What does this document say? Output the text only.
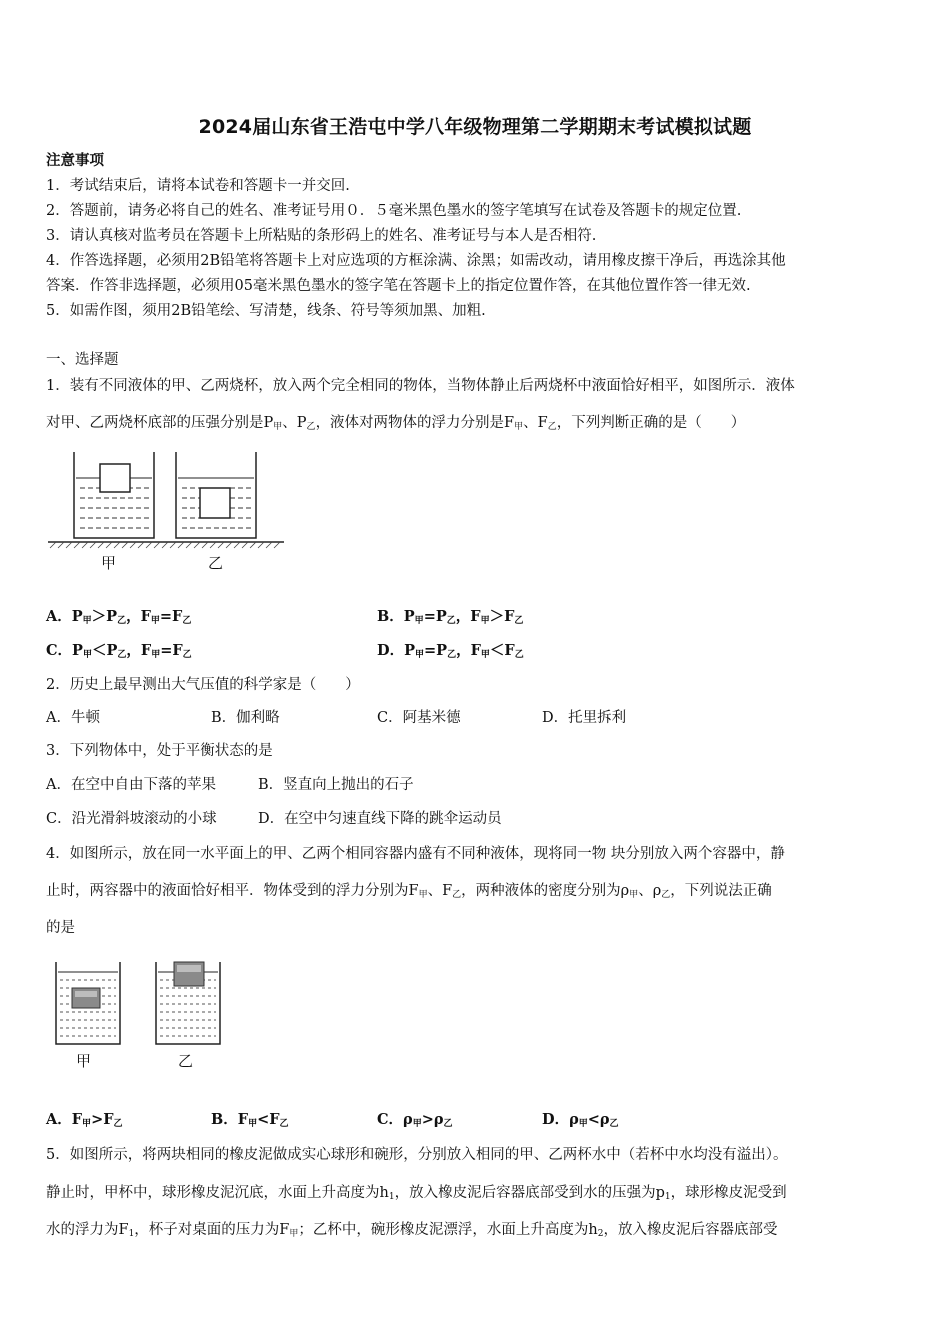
2024届山东省王浩屯中学八年级物理第二学期期末考试模拟试题
注意事项
1．考试结束后，请将本试卷和答题卡一并交回.
2．答题前，请务必将自己的姓名、准考证号用０．５毫米黑色墨水的签字笔填写在试卷及答题卡的规定位置.
3．请认真核对监考员在答题卡上所粘贴的条形码上的姓名、准考证号与本人是否相符.
4．作答选择题，必须用2B铅笔将答题卡上对应选项的方框涂满、涂黑；如需改动，请用橡皮擦干净后，再选涂其他
答案．作答非选择题，必须用05毫米黑色墨水的签字笔在答题卡上的指定位置作答，在其他位置作答一律无效.
5．如需作图，须用2B铅笔绘、写清楚，线条、符号等须加黑、加粗.
一、选择题
1．装有不同液体的甲、乙两烧杯，放入两个完全相同的物体，当物体静止后两烧杯中液面恰好相平，如图所示．液体
对甲、乙两烧杯底部的压强分别是$P_甲$、$P_乙$，液体对两物体的浮力分别是$F_甲$、$F_乙$，下列判断正确的是（　　）
甲	乙
A．$P_甲>P_乙$，$F_甲=F_乙$	B．$P_甲=P_乙$，$F_甲>F_乙$
C．$P_甲<P_乙$，$F_甲=F_乙$	D．$P_甲=P_乙$，$F_甲<F_乙$
2．历史上最早测出大气压值的科学家是（　　）
A．牛顿	B．伽利略	C．阿基米德	D．托里拆利
3．下列物体中，处于平衡状态的是
A．在空中自由下落的苹果	B．竖直向上抛出的石子
C．沿光滑斜坡滚动的小球	D．在空中匀速直线下降的跳伞运动员
4．如图所示，放在同一水平面上的甲、乙两个相同容器内盛有不同种液体，现将同一物 块分别放入两个容器中，静
止时，两容器中的液面恰好相平．物体受到的浮力分别为$F_甲$、$F_乙$，两种液体的密度分别为$\rho_甲$、$\rho_乙$，下列说法正确
的是
甲	乙
A．$F_甲>F_乙$	B．$F_甲<F_乙$	C．$\rho_甲>\rho_乙$	D．$\rho_甲<\rho_乙$
5．如图所示，将两块相同的橡皮泥做成实心球形和碗形，分别放入相同的甲、乙两杯水中（若杯中水均没有溢出）。
静止时，甲杯中，球形橡皮泥沉底，水面上升高度为$h_1$，放入橡皮泥后容器底部受到水的压强为$p_1$，球形橡皮泥受到
水的浮力为$F_1$，杯子对桌面的压力为$F_甲$；乙杯中，碗形橡皮泥漂浮，水面上升高度为$h_2$，放入橡皮泥后容器底部受
